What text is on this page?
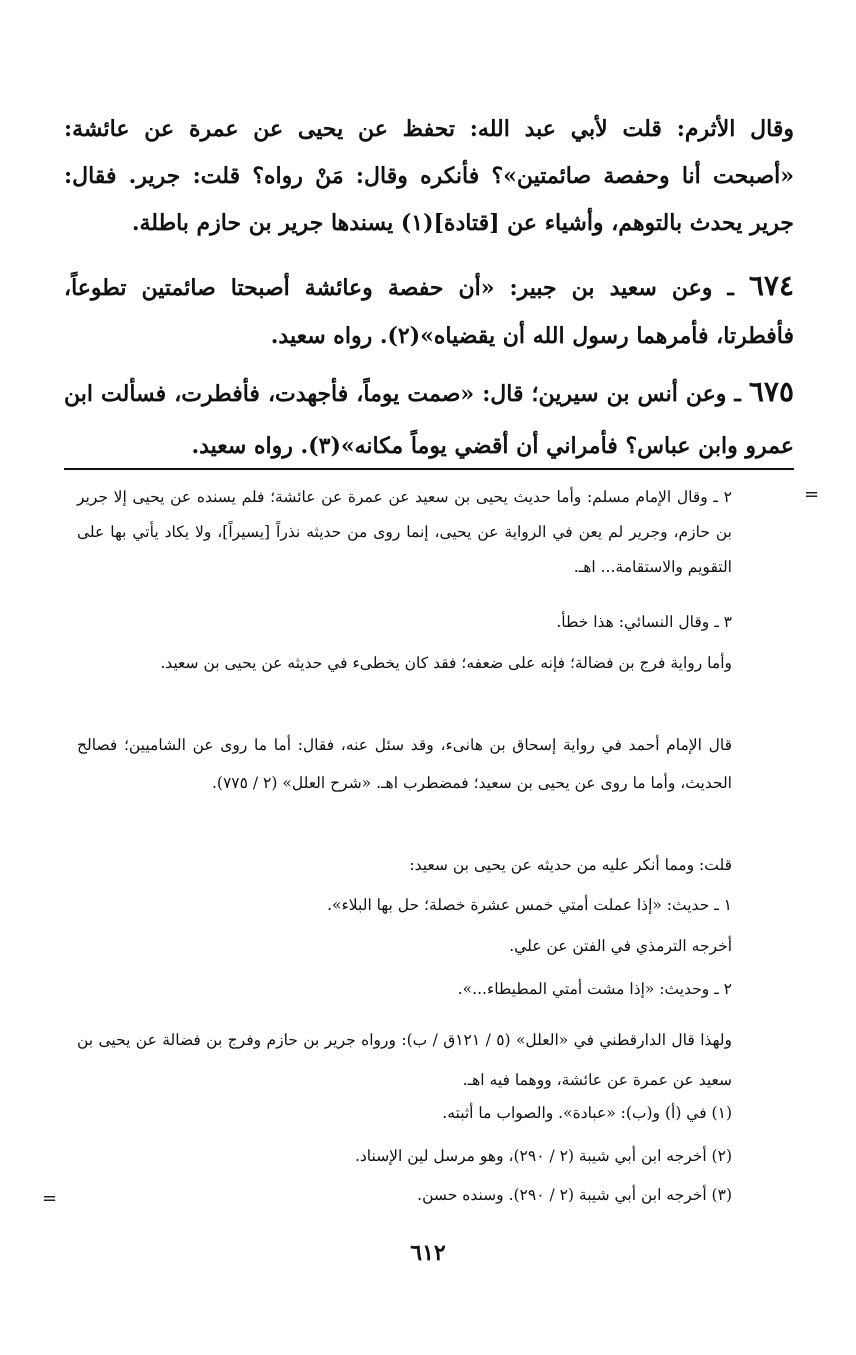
وقال الأثرم: قلت لأبي عبد الله: تحفظ عن يحيى عن عمرة عن عائشة: «أصبحت أنا وحفصة صائمتين»؟ فأنكره وقال: مَنْ رواه؟ قلت: جرير. فقال: جرير يحدث بالتوهم، وأشياء عن [قتادة](١) يسندها جرير بن حازم باطلة.
٦٧٤ ـ وعن سعيد بن جبير: «أن حفصة وعائشة أصبحتا صائمتين تطوعاً، فأفطرتا، فأمرهما رسول الله أن يقضياه»(٢). رواه سعيد.
٦٧٥ ـ وعن أنس بن سيرين؛ قال: «صمت يوماً، فأجهدت، فأفطرت، فسألت ابن عمرو وابن عباس؟ فأمراني أن أقضي يوماً مكانه»(٣). رواه سعيد.
٢ ـ وقال الإمام مسلم: وأما حديث يحيى بن سعيد عن عمرة عن عائشة؛ فلم يسنده عن يحيى إلا جرير بن حازم، وجرير لم يعن في الرواية عن يحيى، إنما روى من حديثه نذراً [يسيراً]، ولا يكاد يأتي بها على التقويم والاستقامة... اهـ.
٣ ـ وقال النسائي: هذا خطأ.
وأما رواية فرج بن فضالة؛ فإنه على ضعفه؛ فقد كان يخطىء في حديثه عن يحيى بن سعيد.
قال الإمام أحمد في رواية إسحاق بن هانىء، وقد سئل عنه، فقال: أما ما روى عن الشاميين؛ فصالح الحديث، وأما ما روى عن يحيى بن سعيد؛ فمضطرب اهـ. «شرح العلل» (٢ / ٧٧٥).
قلت: ومما أنكر عليه من حديثه عن يحيى بن سعيد:
١ ـ حديث: «إذا عملت أمتي خمس عشرة خصلة؛ حل بها البلاء».
أخرجه الترمذي في الفتن عن علي.
٢ ـ وحديث: «إذا مشت أمتي المطيطاء...».
ولهذا قال الدارقطني في «العلل» (٥ / ١٢١ق / ب): ورواه جرير بن حازم وفرج بن فضالة عن يحيى بن سعيد عن عمرة عن عائشة، ووهما فيه اهـ.
(١) في (أ) و(ب): «عبادة». والصواب ما أثبته.
(٢) أخرجه ابن أبي شيبة (٢ / ٢٩٠)، وهو مرسل لين الإسناد.
(٣) أخرجه ابن أبي شيبة (٢ / ٢٩٠). وسنده حسن.
٦١٢
=
=
